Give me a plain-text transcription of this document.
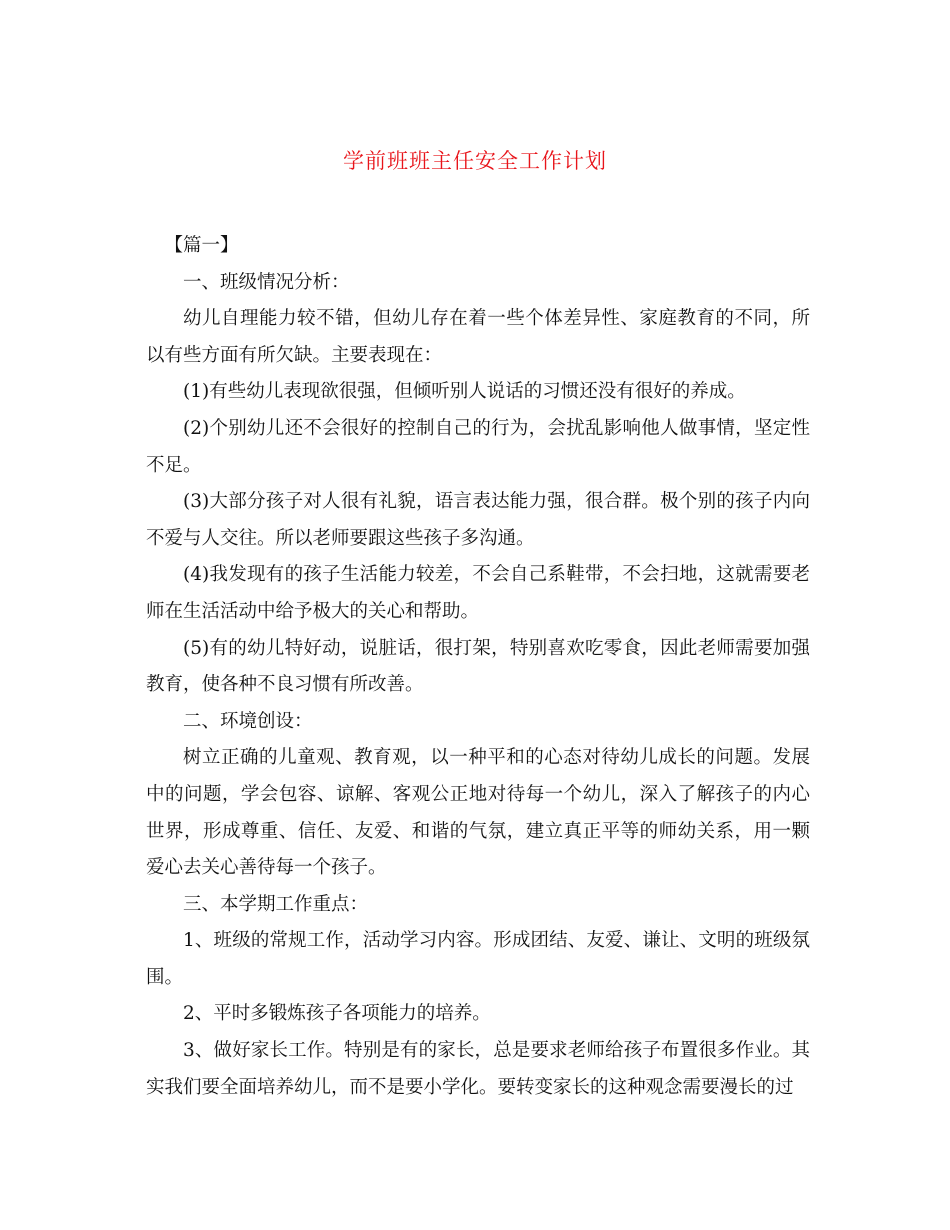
学前班班主任安全工作计划

【篇一】

一、班级情况分析：

幼儿自理能力较不错，但幼儿存在着一些个体差异性、家庭教育的不同，所以有些方面有所欠缺。主要表现在：

(1)有些幼儿表现欲很强，但倾听别人说话的习惯还没有很好的养成。

(2)个别幼儿还不会很好的控制自己的行为，会扰乱影响他人做事情，坚定性不足。

(3)大部分孩子对人很有礼貌，语言表达能力强，很合群。极个别的孩子内向不爱与人交往。所以老师要跟这些孩子多沟通。

(4)我发现有的孩子生活能力较差，不会自己系鞋带，不会扫地，这就需要老师在生活活动中给予极大的关心和帮助。

(5)有的幼儿特好动，说脏话，很打架，特别喜欢吃零食，因此老师需要加强教育，使各种不良习惯有所改善。

二、环境创设：

树立正确的儿童观、教育观，以一种平和的心态对待幼儿成长的问题。发展中的问题，学会包容、谅解、客观公正地对待每一个幼儿，深入了解孩子的内心世界，形成尊重、信任、友爱、和谐的气氛，建立真正平等的师幼关系，用一颗爱心去关心善待每一个孩子。

三、本学期工作重点：

1、班级的常规工作，活动学习内容。形成团结、友爱、谦让、文明的班级氛围。

2、平时多锻炼孩子各项能力的培养。

3、做好家长工作。特别是有的家长，总是要求老师给孩子布置很多作业。其实我们要全面培养幼儿，而不是要小学化。要转变家长的这种观念需要漫长的过
